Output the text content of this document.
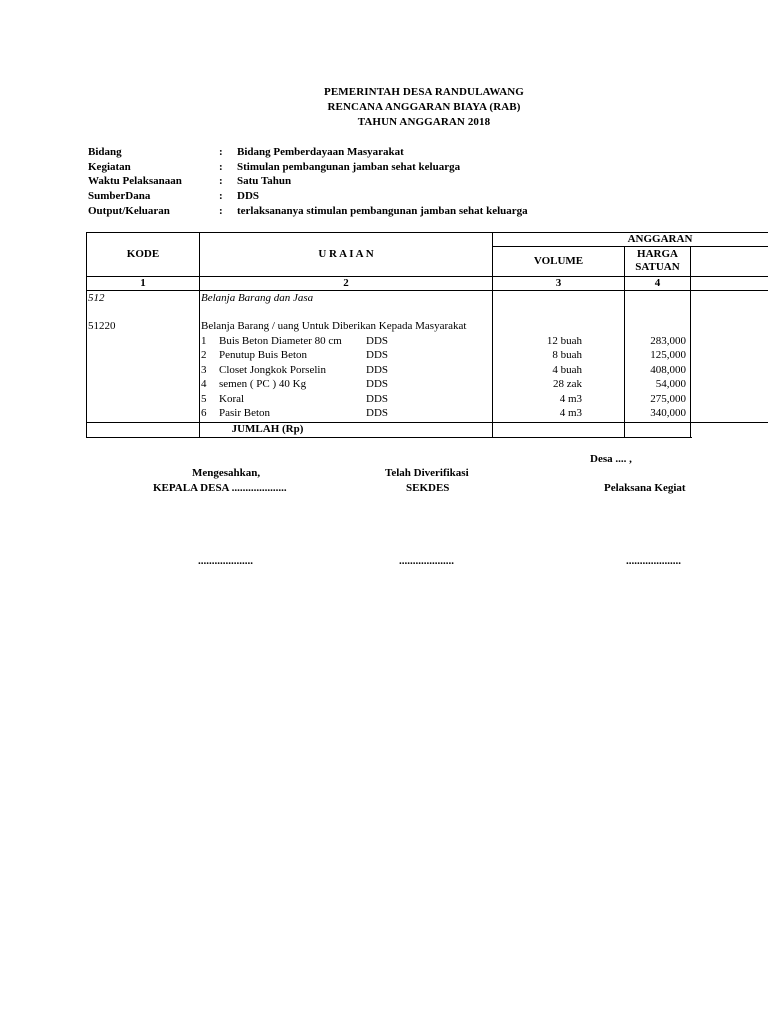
PEMERINTAH DESA RANDULAWANG
RENCANA ANGGARAN BIAYA (RAB)
TAHUN ANGGARAN 2018
Bidang	: Bidang Pemberdayaan Masyarakat
Kegiatan	: Stimulan pembangunan jamban sehat keluarga
Waktu Pelaksanaan	: Satu Tahun
SumberDana	: DDS
Output/Keluaran	: terlaksananya stimulan pembangunan jamban sehat keluarga
KODE	U R A I A N
ANGGARAN
VOLUME
HARGA
SATUAN
1	2	3	4
512	Belanja Barang dan Jasa
51220	Belanja Barang / uang Untuk Diberikan Kepada Masyarakat
1 Buis Beton Diameter 80 cm DDS	12 buah	283,000
2 Penutup Buis Beton	DDS	8 buah	125,000
3 Closet Jongkok Porselin	DDS	4 buah	408,000
4 semen ( PC ) 40 Kg	DDS	28 zak	54,000
5 Koral	DDS	4 m3	275,000
6 Pasir Beton	DDS	4 m3	340,000
JUMLAH (Rp)
Desa .... ,
Mengesahkan,
KEPALA DESA ....................
Telah Diverifikasi
SEKDES	Pelaksana Kegiat
....................	....................	....................
